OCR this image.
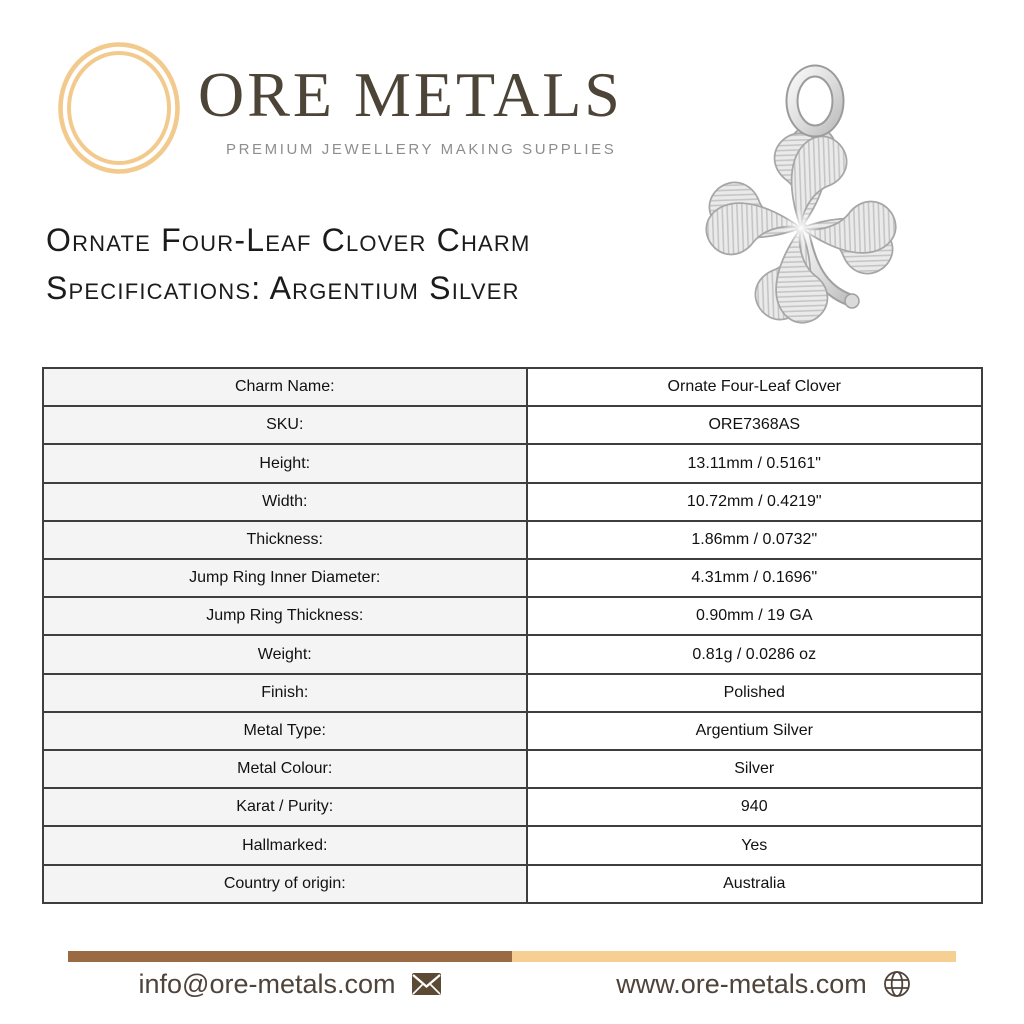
ORE METALS
PREMIUM JEWELLERY MAKING SUPPLIES
Ornate Four-Leaf Clover Charm
Specifications: Argentium Silver
Charm Name:	Ornate Four-Leaf Clover
SKU:	ORE7368AS
Height:	13.11mm / 0.5161"
Width:	10.72mm / 0.4219"
Thickness:	1.86mm / 0.0732"
Jump Ring Inner Diameter:	4.31mm / 0.1696"
Jump Ring Thickness:	0.90mm / 19 GA
Weight:	0.81g / 0.0286 oz
Finish:	Polished
Metal Type:	Argentium Silver
Metal Colour:	Silver
Karat / Purity:	940
Hallmarked:	Yes
Country of origin:	Australia
info@ore-metals.com	www.ore-metals.com
